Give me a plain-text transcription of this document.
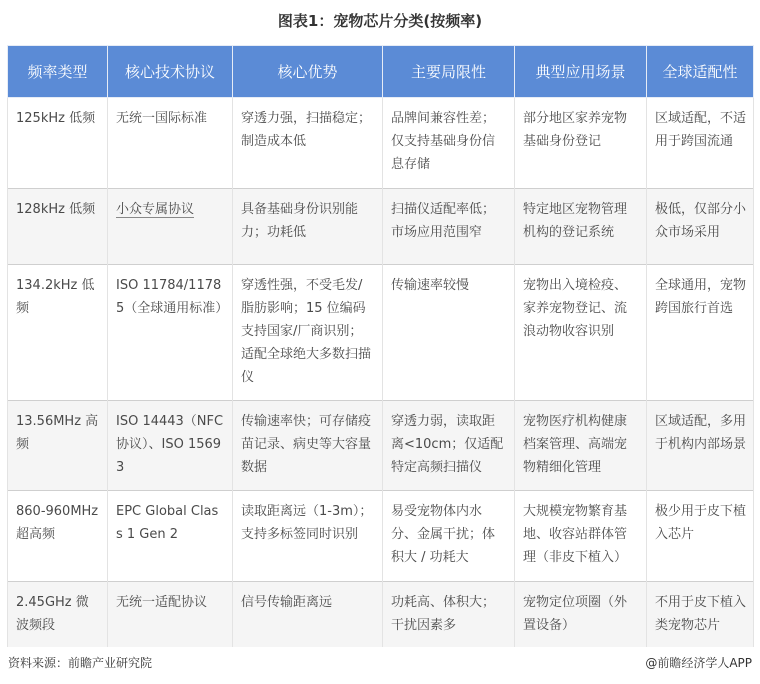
图表1：宠物芯片分类(按频率)
频率类型	核心技术协议	核心优势	主要局限性	典型应用场景	全球适配性
125kHz 低频	无统一国际标准	穿透力强，扫描稳定；制造成本低	品牌间兼容性差；仅支持基础身份信息存储	部分地区家养宠物基础身份登记	区域适配，不适用于跨国流通
128kHz 低频	小众专属协议	具备基础身份识别能力；功耗低	扫描仪适配率低；市场应用范围窄	特定地区宠物管理机构的登记系统	极低，仅部分小众市场采用
134.2kHz 低频	ISO 11784/11785（全球通用标准）	穿透性强，不受毛发/脂肪影响；15 位编码支持国家/厂商识别；适配全球绝大多数扫描仪	传输速率较慢	宠物出入境检疫、家养宠物登记、流浪动物收容识别	全球通用，宠物跨国旅行首选
13.56MHz 高频	ISO 14443（NFC 协议）、ISO 15693	传输速率快；可存储疫苗记录、病史等大容量数据	穿透力弱，读取距离<10cm；仅适配特定高频扫描仪	宠物医疗机构健康档案管理、高端宠物精细化管理	区域适配，多用于机构内部场景
860-960MHz 超高频	EPC Global Class 1 Gen 2	读取距离远（1-3m）；支持多标签同时识别	易受宠物体内水分、金属干扰；体积大 / 功耗大	大规模宠物繁育基地、收容站群体管理（非皮下植入）	极少用于皮下植入芯片
2.45GHz 微波频段	无统一适配协议	信号传输距离远	功耗高、体积大；干扰因素多	宠物定位项圈（外置设备）	不用于皮下植入类宠物芯片
资料来源：前瞻产业研究院	@前瞻经济学人APP
